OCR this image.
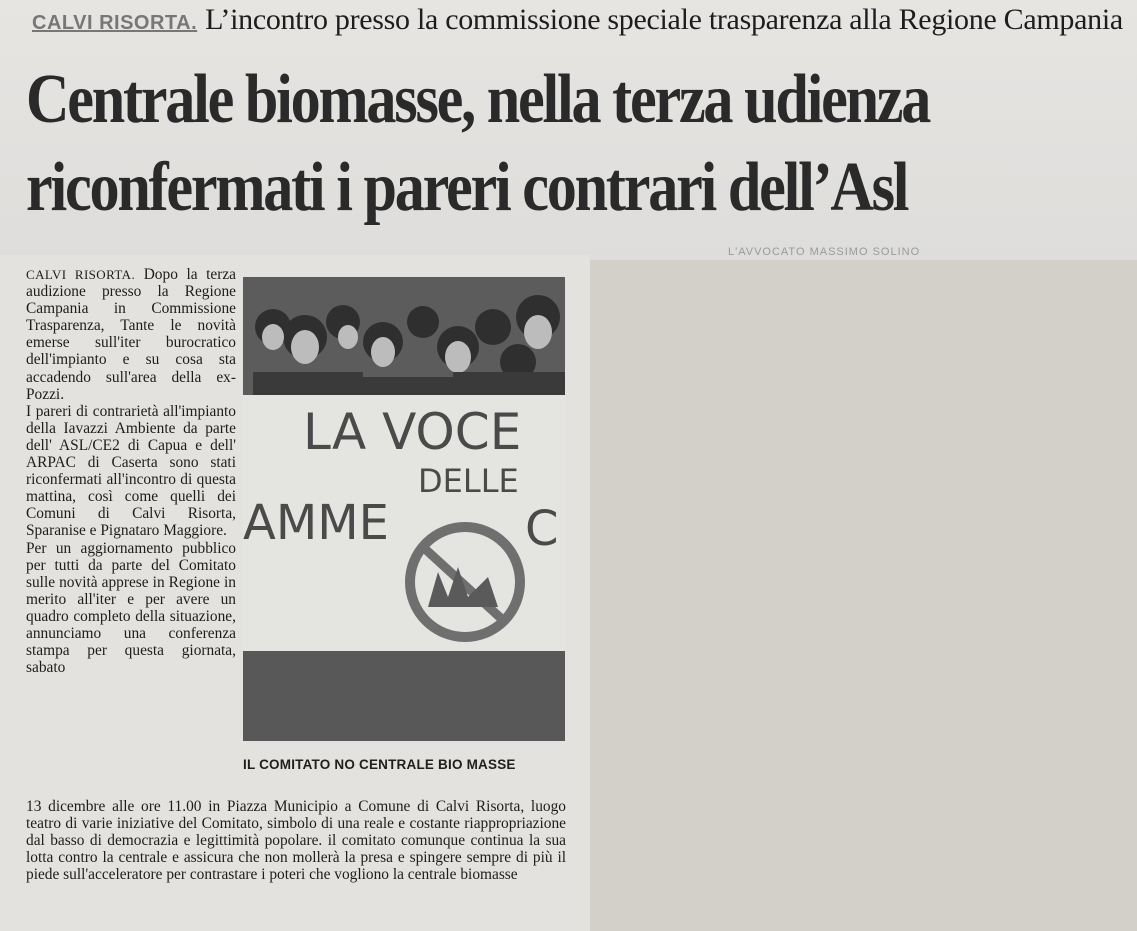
CALVI RISORTA. L’incontro presso la commissione speciale trasparenza alla Regione Campania
Centrale biomasse, nella terza udienza
riconfermati i pareri contrari dell’Asl
L'AVVOCATO MASSIMO SOLINO

CALVI RISORTA. Dopo la terza audizione presso la Regione Campania in Commissione Trasparenza, Tante le novità emerse sull'iter burocratico dell'impianto e su cosa sta accadendo sull'area della ex-Pozzi.

I pareri di contrarietà all'impianto della Iavazzi Ambiente da parte dell' ASL/CE2 di Capua e dell' ARPAC di Caserta sono stati riconfermati all'incontro di questa mattina, così come quelli dei Comuni di Calvi Risorta, Sparanise e Pignataro Maggiore.

Per un aggiornamento pubblico per tutti da parte del Comitato sulle novità apprese in Regione in merito all'iter e per avere un quadro completo della situazione, annunciamo una conferenza stampa per questa giornata, sabato

LA VOCE
DELLE
AMME	C
IL COMITATO NO CENTRALE BIO MASSE
13 dicembre alle ore 11.00 in Piazza Municipio a Comune di Calvi Risorta, luogo teatro di varie iniziative del Comitato, simbolo di una reale e costante riappropriazione dal basso di democrazia e legittimità popolare. il comitato comunque continua la sua lotta contro la centrale e assicura che non mollerà la presa e spingere sempre di più il piede sull'acceleratore per contrastare i poteri che vogliono la centrale biomasse
